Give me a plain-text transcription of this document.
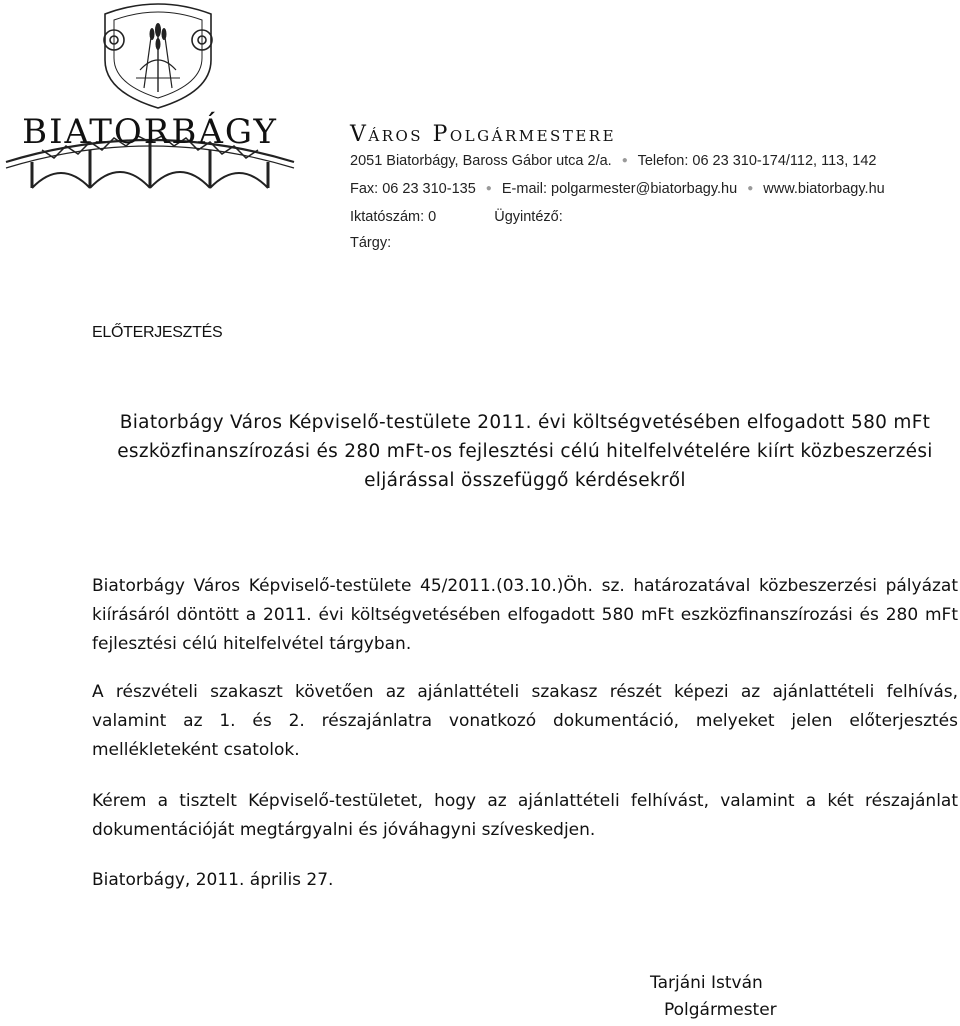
BIATORBÁGY	Város Polgármestere
2051 Biatorbágy, Baross Gábor utca 2/a. ● Telefon: 06 23 310-174/112, 113, 142
Fax: 06 23 310-135 ● E-mail: polgarmester@biatorbagy.hu ● www.biatorbagy.hu
Iktatószám: 0	Ügyintéző:
Tárgy:
ELŐTERJESZTÉS
Biatorbágy Város Képviselő-testülete 2011. évi költségvetésében elfogadott 580 mFt eszközfinanszírozási és 280 mFt-os fejlesztési célú hitelfelvételére kiírt közbeszerzési eljárással összefüggő kérdésekről
Biatorbágy Város Képviselő-testülete 45/2011.(03.10.)Öh. sz. határozatával közbeszerzési pályázat kiírásáról döntött a 2011. évi költségvetésében elfogadott 580 mFt eszközfinanszírozási és 280 mFt fejlesztési célú hitelfelvétel tárgyban.
A részvételi szakaszt követően az ajánlattételi szakasz részét képezi az ajánlattételi felhívás, valamint az 1. és 2. részajánlatra vonatkozó dokumentáció, melyeket jelen előterjesztés mellékleteként csatolok.
Kérem a tisztelt Képviselő-testületet, hogy az ajánlattételi felhívást, valamint a két részajánlat dokumentációját megtárgyalni és jóváhagyni szíveskedjen.
Biatorbágy, 2011. április 27.
Tarjáni István
Polgármester
